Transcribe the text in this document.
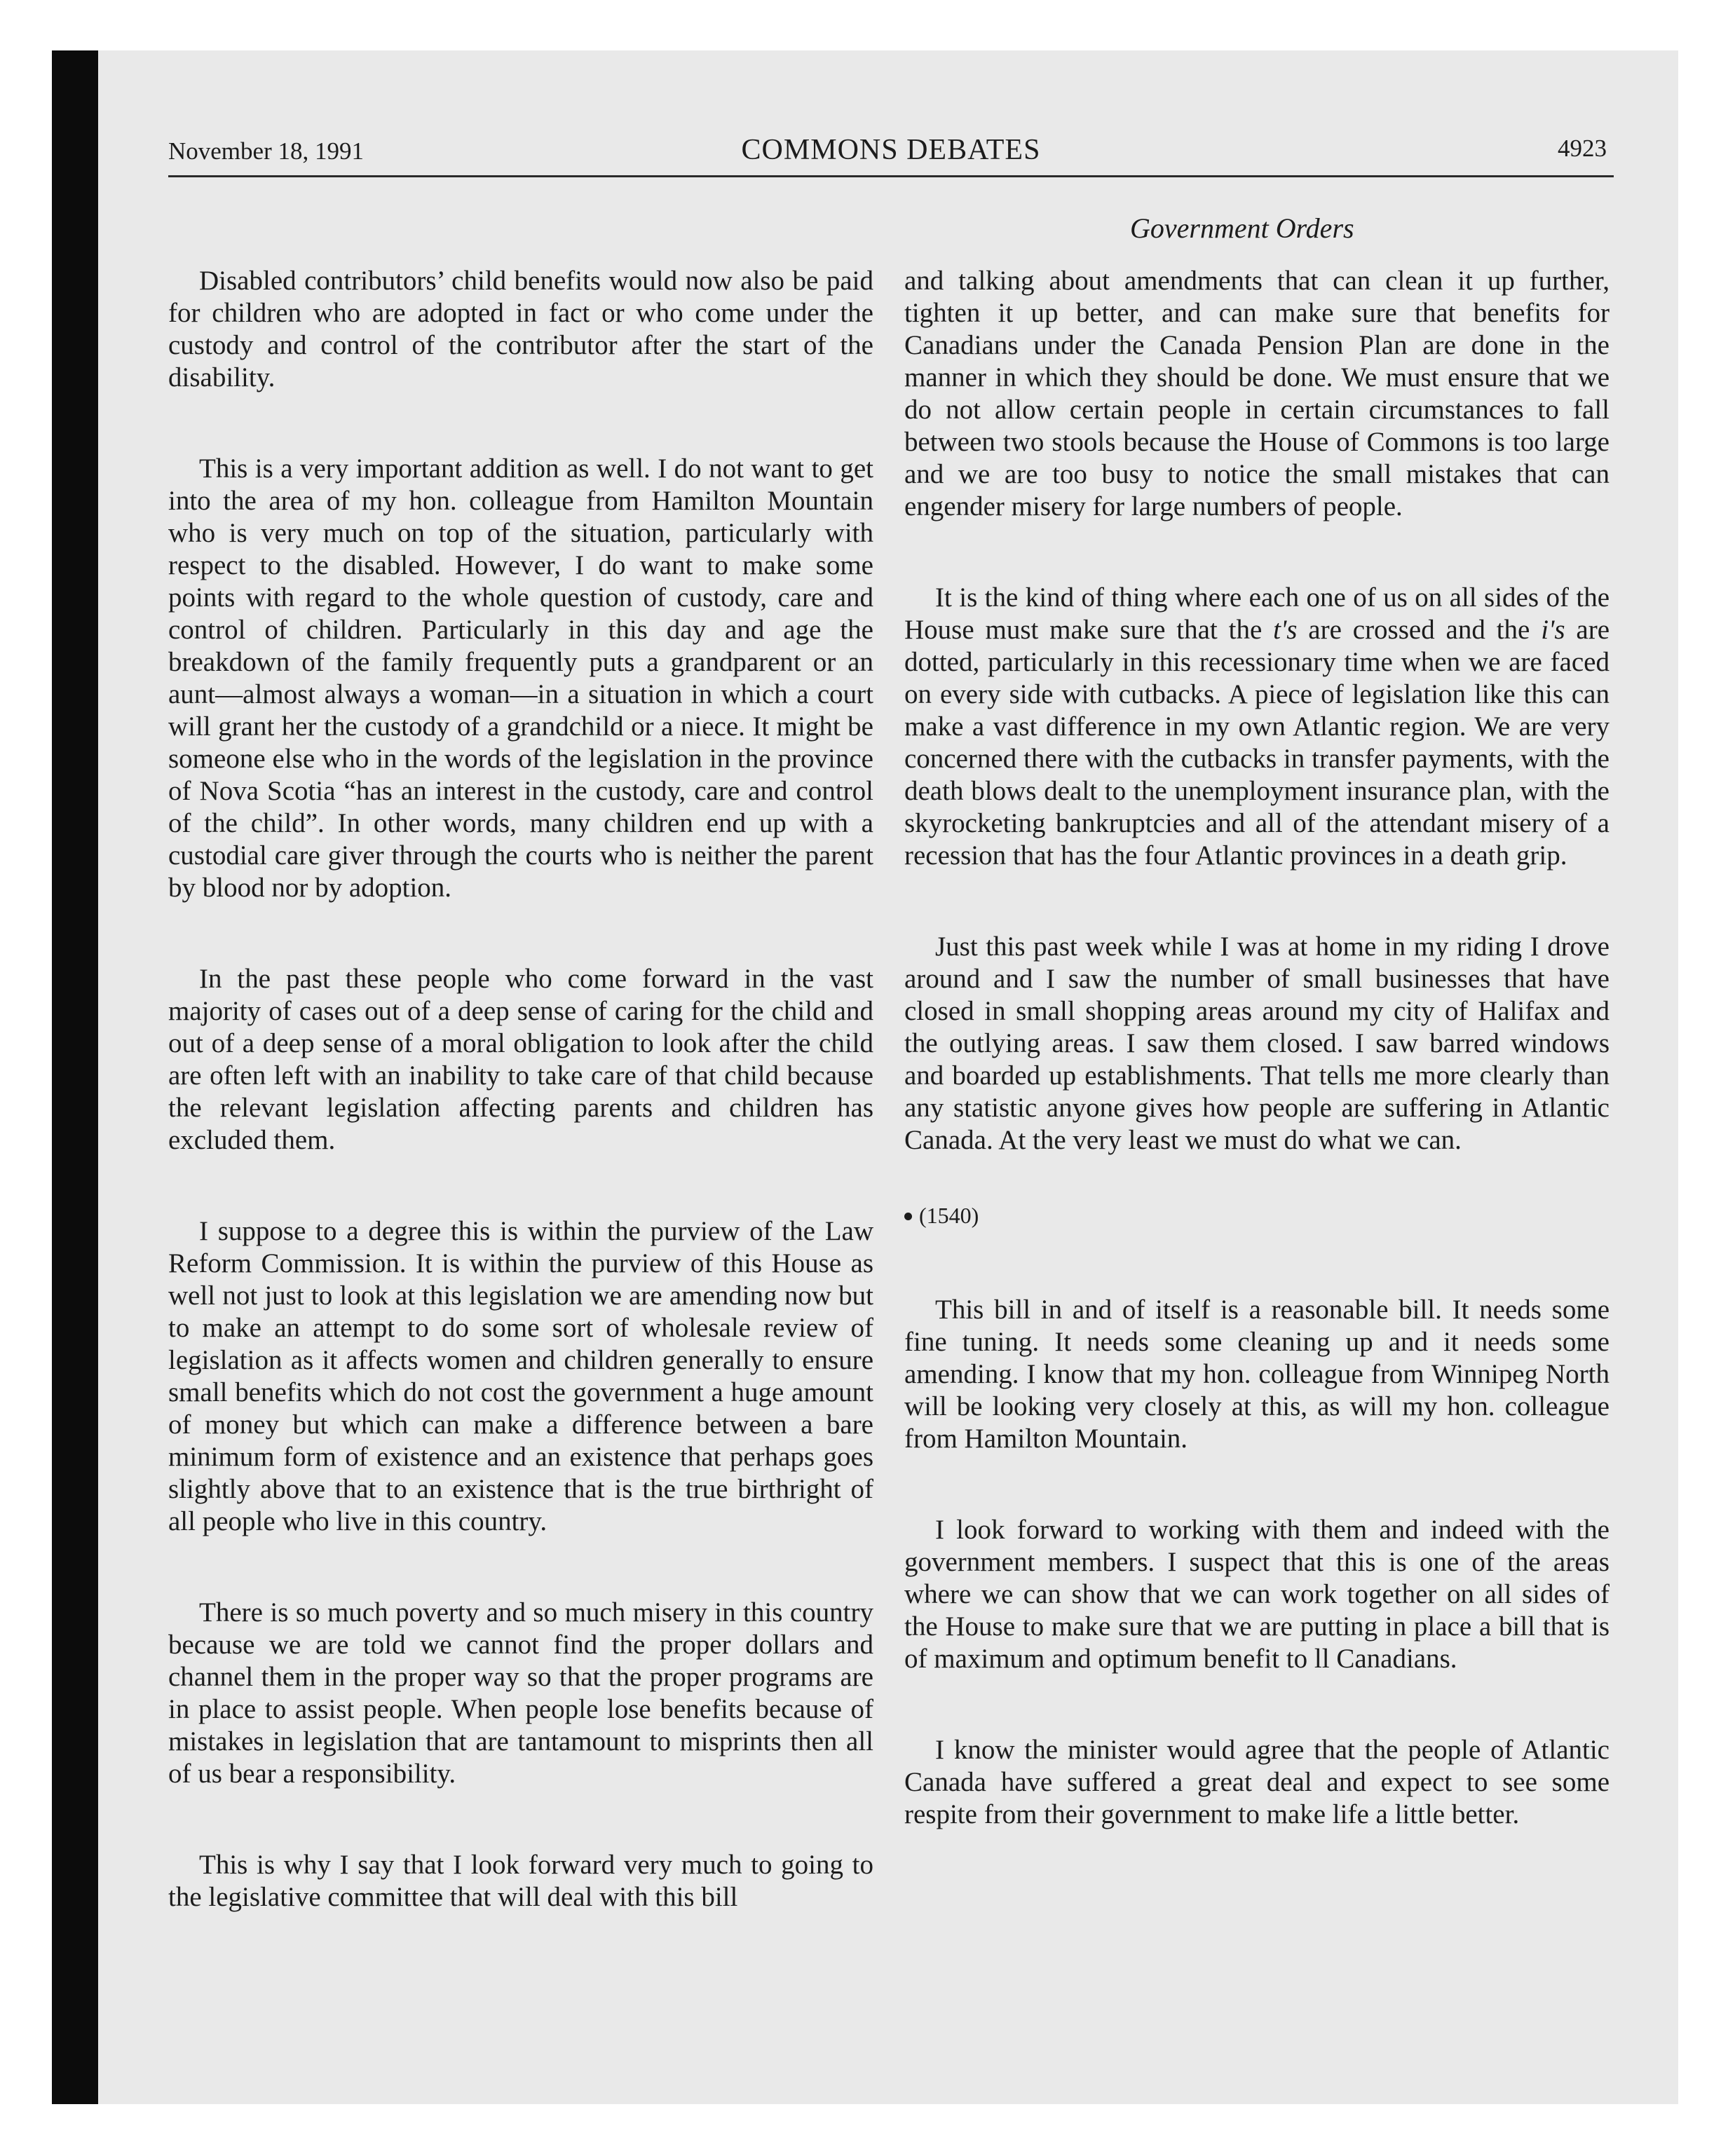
November 18, 1991	COMMONS DEBATES	4923
Government Orders

Disabled contributors’ child benefits would now also be paid for children who are adopted in fact or who come under the custody and control of the contributor after the start of the disability.

This is a very important addition as well. I do not want to get into the area of my hon. colleague from Hamilton Mountain who is very much on top of the situation, particularly with respect to the disabled. However, I do want to make some points with regard to the whole question of custody, care and control of children. Particularly in this day and age the breakdown of the family frequently puts a grandparent or an aunt—almost always a woman—in a situation in which a court will grant her the custody of a grandchild or a niece. It might be someone else who in the words of the legislation in the province of Nova Scotia “has an interest in the custody, care and control of the child”. In other words, many children end up with a custodial care giver through the courts who is neither the parent by blood nor by adoption.

In the past these people who come forward in the vast majority of cases out of a deep sense of caring for the child and out of a deep sense of a moral obligation to look after the child are often left with an inability to take care of that child because the relevant legislation affecting parents and children has excluded them.

I suppose to a degree this is within the purview of the Law Reform Commission. It is within the purview of this House as well not just to look at this legislation we are amending now but to make an attempt to do some sort of wholesale review of legislation as it affects women and children generally to ensure small benefits which do not cost the government a huge amount of money but which can make a difference between a bare minimum form of existence and an existence that perhaps goes slightly above that to an existence that is the true birthright of all people who live in this country.

There is so much poverty and so much misery in this country because we are told we cannot find the proper dollars and channel them in the proper way so that the proper programs are in place to assist people. When people lose benefits because of mistakes in legislation that are tantamount to misprints then all of us bear a responsibility.

This is why I say that I look forward very much to going to the legislative committee that will deal with this bill

and talking about amendments that can clean it up further, tighten it up better, and can make sure that benefits for Canadians under the Canada Pension Plan are done in the manner in which they should be done. We must ensure that we do not allow certain people in certain circumstances to fall between two stools because the House of Commons is too large and we are too busy to notice the small mistakes that can engender misery for large numbers of people.

It is the kind of thing where each one of us on all sides of the House must make sure that the t's are crossed and the i's are dotted, particularly in this recessionary time when we are faced on every side with cutbacks. A piece of legislation like this can make a vast difference in my own Atlantic region. We are very concerned there with the cutbacks in transfer payments, with the death blows dealt to the unemployment insurance plan, with the skyrocketing bankruptcies and all of the attendant misery of a recession that has the four Atlantic provinces in a death grip.

Just this past week while I was at home in my riding I drove around and I saw the number of small businesses that have closed in small shopping areas around my city of Halifax and the outlying areas. I saw them closed. I saw barred windows and boarded up establishments. That tells me more clearly than any statistic anyone gives how people are suffering in Atlantic Canada. At the very least we must do what we can.

(1540)

This bill in and of itself is a reasonable bill. It needs some fine tuning. It needs some cleaning up and it needs some amending. I know that my hon. colleague from Winnipeg North will be looking very closely at this, as will my hon. colleague from Hamilton Mountain.

I look forward to working with them and indeed with the government members. I suspect that this is one of the areas where we can show that we can work together on all sides of the House to make sure that we are putting in place a bill that is of maximum and optimum benefit to ll Canadians.

I know the minister would agree that the people of Atlantic Canada have suffered a great deal and expect to see some respite from their government to make life a little better.
